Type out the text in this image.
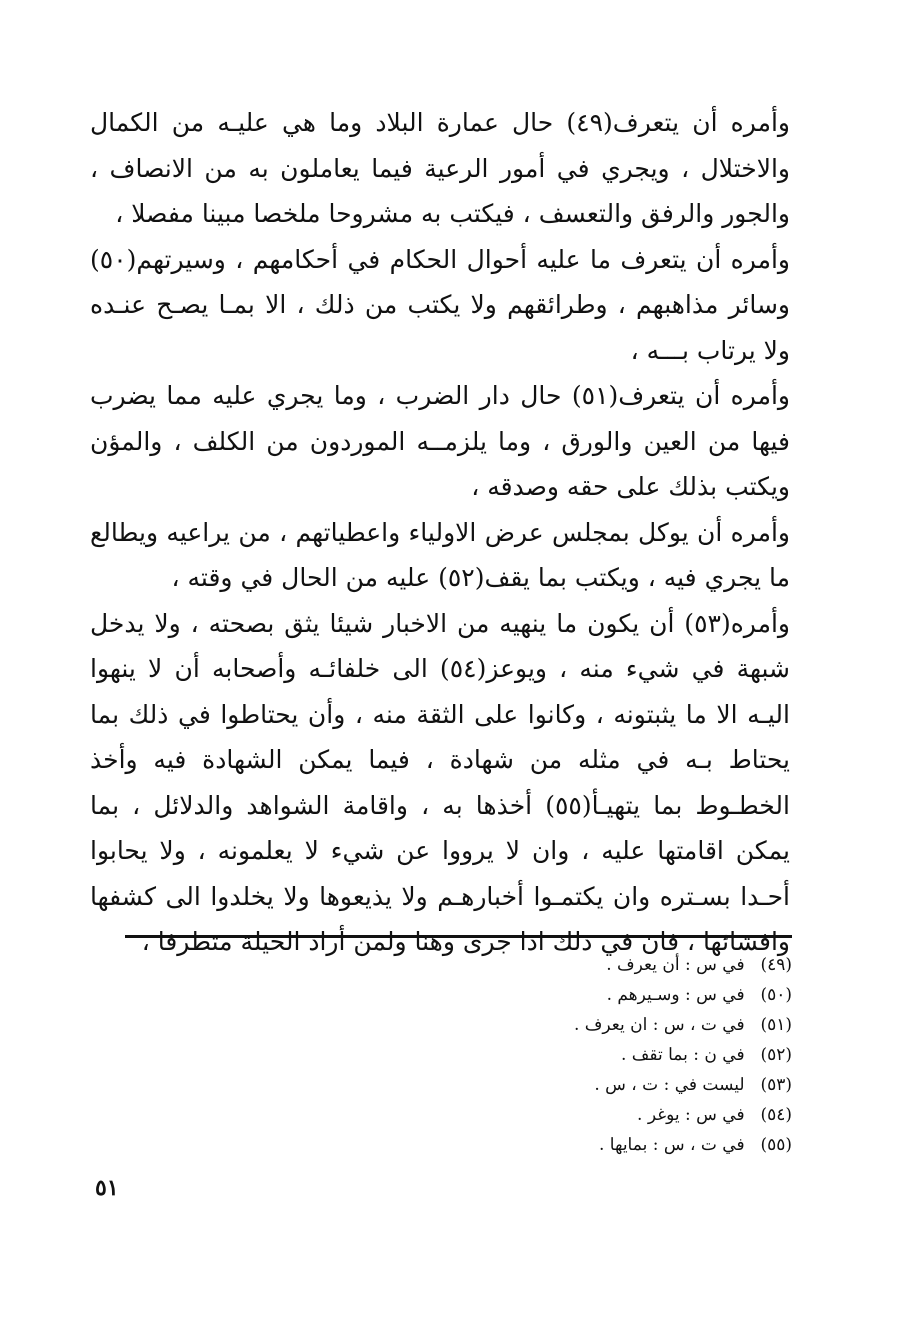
وأمره أن يتعرف(٤٩) حال عمارة البلاد وما هي عليـه من الكمال والاختلال ، ويجري في أمور الرعية فيما يعاملون به من الانصاف ، والجور والرفق والتعسف ، فيكتب به مشروحا ملخصا مبينا مفصلا ،

وأمره أن يتعرف ما عليه أحوال الحكام في أحكامهم ، وسيرتهم(٥٠) وسائر مذاهبهم ، وطرائقهم ولا يكتب من ذلك ، الا بمـا يصـح عنـده ولا يرتاب بـــه ،

وأمره أن يتعرف(٥١) حال دار الضرب ، وما يجري عليه مما يضرب فيها من العين والورق ، وما يلزمــه الموردون من الكلف ، والمؤن ويكتب بذلك على حقه وصدقه ،

وأمره أن يوكل بمجلس عرض الاولياء واعطياتهم ، من يراعيه ويطالع ما يجري فيه ، ويكتب بما يقف(٥٢) عليه من الحال في وقته ،

وأمره(٥٣) أن يكون ما ينهيه من الاخبار شيئا يثق بصحته ، ولا يدخل شبهة في شيء منه ، ويوعز(٥٤) الى خلفائـه وأصحابه أن لا ينهوا اليـه الا ما يثبتونه ، وكانوا على الثقة منه ، وأن يحتاطوا في ذلك بما يحتاط بـه في مثله من شهادة ، فيما يمكن الشهادة فيه وأخذ الخطـوط بما يتهيـأ(٥٥) أخذها به ، واقامة الشواهد والدلائل ، بما يمكن اقامتها عليه ، وان لا يرووا عن شيء لا يعلمونه ، ولا يحابوا أحـدا بسـتره وان يكتمـوا أخبارهـم ولا يذيعوها ولا يخلدوا الى كشفها وافشائها ، فان في ذلك اذا جرى وهنا ولمن أراد الحيلة متطرفا ،

(٤٩) في س : أن يعرف .
(٥٠) في س : وسـيرهم .
(٥١) في ت ، س : ان يعرف .
(٥٢) في ن : بما تقف .
(٥٣) ليست في : ت ، س .
(٥٤) في س : يوغر .
(٥٥) في ت ، س : بمايها .
٥١
